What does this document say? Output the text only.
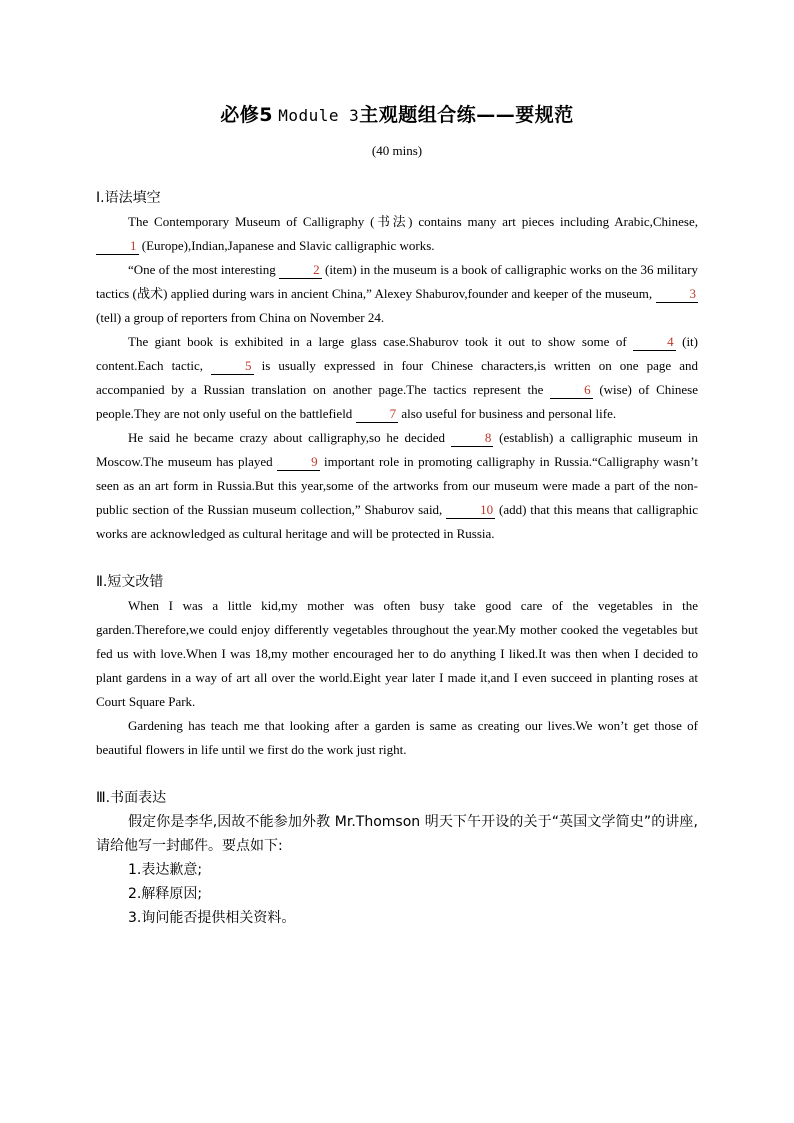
必修5 Module 3主观题组合练——要规范
(40 mins)

Ⅰ.语法填空

The Contemporary Museum of Calligraphy (书法) contains many art pieces including Arabic,Chinese, 1 (Europe),Indian,Japanese and Slavic calligraphic works.

“One of the most interesting	2 (item) in the museum is a book of calligraphic works on the 36 military tactics (战术) applied during wars in ancient China,” Alexey Shaburov,founder and keeper of the museum,	3 (tell) a group of reporters from China on November 24.

The giant book is exhibited in a large glass case.Shaburov took it out to show some of	4 (it) content.Each tactic,	5 is usually expressed in four Chinese characters,is written on one page and accompanied by a Russian translation on another page.The tactics represent the	6 (wise) of Chinese people.They are not only useful on the battlefield	7 also useful for business and personal life.

He said he became crazy about calligraphy,so he decided	8 (establish) a calligraphic museum in Moscow.The museum has played	9 important role in promoting calligraphy in Russia.“Calligraphy wasn’t seen as an art form in Russia.But this year,some of the artworks from our museum were made a part of the non-public section of the Russian museum collection,” Shaburov said,	10 (add) that this means that calligraphic works are acknowledged as cultural heritage and will be protected in Russia.

Ⅱ.短文改错

When I was a little kid,my mother was often busy take good care of the vegetables in the garden.Therefore,we could enjoy differently vegetables throughout the year.My mother cooked the vegetables but fed us with love.When I was 18,my mother encouraged her to do anything I liked.It was then when I decided to plant gardens in a way of art all over the world.Eight year later I made it,and I even succeed in planting roses at Court Square Park.

Gardening has teach me that looking after a garden is same as creating our lives.We won’t get those of beautiful flowers in life until we first do the work just right.

Ⅲ.书面表达

假定你是李华,因故不能参加外教 Mr.Thomson 明天下午开设的关于“英国文学简史”的讲座,请给他写一封邮件。要点如下:

1.表达歉意;

2.解释原因;

3.询问能否提供相关资料。
